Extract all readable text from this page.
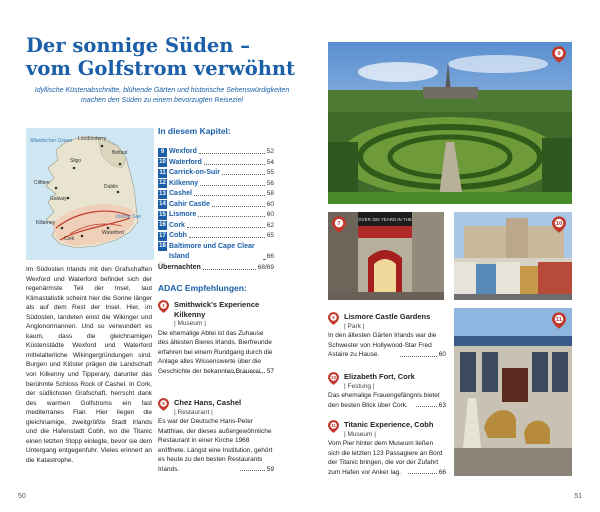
Der sonnige Süden –
vom Golfstrom verwöhnt

Idyllische Küstenabschnitte, blühende Gärten und historische Sehenswürdigkeiten machen den Süden zu einem bevorzugten Reiseziel

Atlantischer Ozean Londonderry
Belfast
Sligo
Clifden
Dublin
Galway
Irische See
Killarney
Cork
Waterford
In diesem Kapitel:
9 Wexford	52
10 Waterford	54
11 Carrick-on-Suir	55
12 Kilkenny	56
13 Cashel	58
14 Cahir Castle	60
15 Lismore	60
16 Cork	62
17 Cobh	65
18 Baltimore und Cape Clear Island	66
Übernachten	68/69

Im Südosten Irlands mit den Grafschaften Wexford und Waterford befindet sich der regenärmste Teil der Insel, laut Klimastatistik scheint hier die Sonne länger als auf dem Rest der Insel. Hier, im Südosten, landeten einst die Wikinger und Anglonormannen. Und so verwundert es kaum, dass die gleichnamigen Küstenstädte Wexford und Waterford mittelalterliche Wikingergründungen sind. Burgen und Klöster prägen die Landschaft von Kilkenny und Tipperary, darunter das berühmte Schloss Rock of Cashel. In Cork, der südlichsten Grafschaft, herrscht dank des warmen Golfstroms ein fast mediterranes Flair. Hier liegen die gleichnamige, zweitgrößte Stadt Irlands und die Hafenstadt Cobh, wo die Titanic einen letzten Stopp einlegte, bevor sie dem Untergang entgegenfuhr. Vieles erinnert an die Katastrophe.

ADAC Empfehlungen:
1 Smithwick's Experience Kilkenny
| Museum |
Die ehemalige Abtei ist das Zuhause des ältesten Bieres Irlands. Bierfreunde erfahren bei einem Rundgang durch die Anlage alles Wissenswerte über die Geschichte der bekannten Brauerei. 57
8 Chez Hans, Cashel
| Restaurant |
Es war der Deutsche Hans-Peter Matthiae, der dieses außergewöhnliche Restaurant in einer Kirche 1968 eröffnete. Längst eine Institution, gehört es heute zu den besten Restaurants Irlands.	59
50
9
OVER 300 YEARS IN THE
7	10
11
9 Lismore Castle Gardens
| Park |
In den ältesten Gärten Irlands war die Schwester von Hollywood-Star Fred Astaire zu Hause.	60
10 Elizabeth Fort, Cork
| Festung |
Das ehemalige Frauengefängnis bietet den besten Blick über Cork.	63
11 Titanic Experience, Cobh
| Museum |
Vom Pier hinter dem Museum ließen sich die letzten 123 Passagiere an Bord der Titanic bringen, die vor der Zufahrt zum Hafen vor Anker lag.	66
51
